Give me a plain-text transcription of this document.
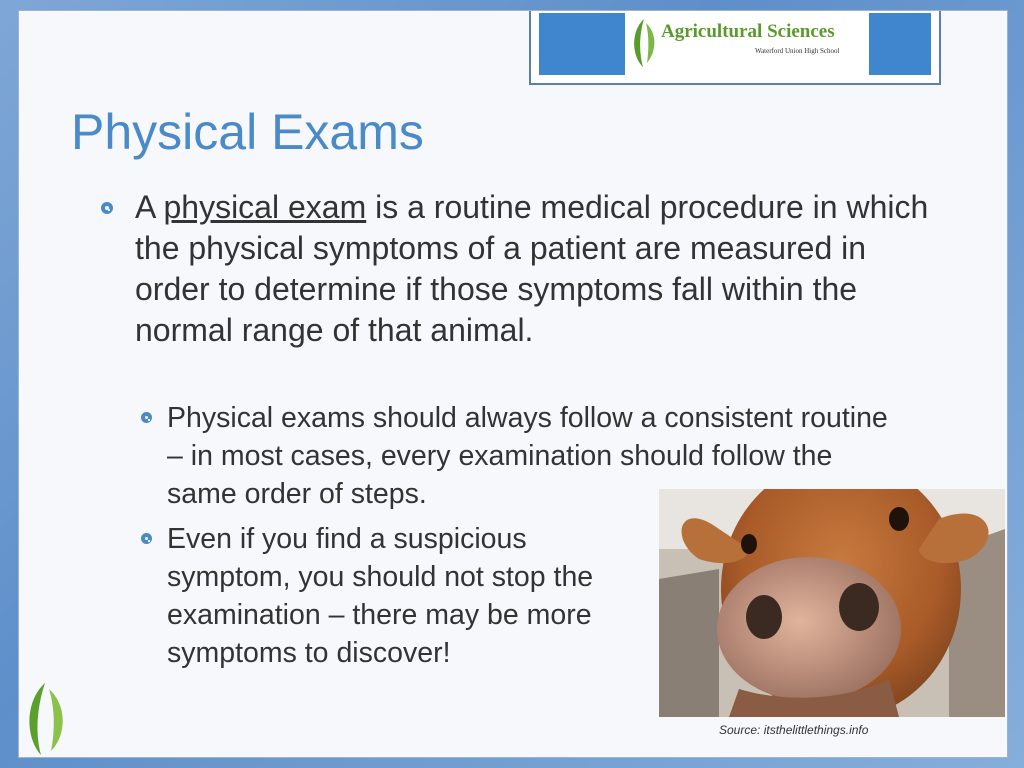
Agricultural Sciences
Waterford Union High School
Physical Exams
A physical exam is a routine medical procedure in which the physical symptoms of a patient are measured in order to determine if those symptoms fall within the normal range of that animal.
Physical exams should always follow a consistent routine – in most cases, every examination should follow the same order of steps.
Even if you find a suspicious symptom, you should not stop the examination – there may be more symptoms to discover!
Source: itsthelittlethings.info
